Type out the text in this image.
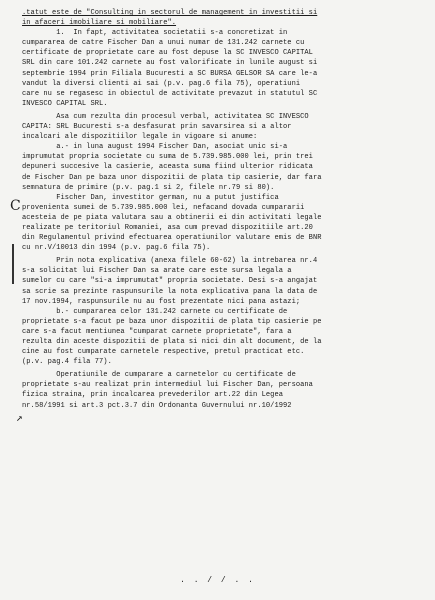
C
↗
.tatut este de "Consulting in sectorul de management in investitii si
in afaceri imobiliare si mobiliare".
1.  In fapt, activitatea societatii s-a concretizat in
cumpararea de catre Fischer Dan a unui numar de 131.242 carnete cu
certificate de proprietate care au fost depuse la SC INVESCO CAPITAL
SRL din care 101.242 carnete au fost valorificate in lunile august si
septembrie 1994 prin Filiala Bucuresti a SC BURSA GELSOR SA care le-a
vandut la diversi clienti ai sai (p.v. pag.6 fila 75), operatiuni
care nu se regasesc in obiectul de activitate prevazut in statutul SC
INVESCO CAPITAL SRL.
Asa cum rezulta din procesul verbal, activitatea SC INVESCO
CAPITA: SRL Bucuresti s-a desfasurat prin savarsirea si a altor
incalcari ale dispozitiilor legale in vigoare si anume:
a.- in luna august 1994 Fischer Dan, asociat unic si-a
imprumutat propria societate cu suma de 5.739.985.000 lei, prin trei
depuneri succesive la casierie, aceasta suma fiind ulterior ridicata
de Fischer Dan pe baza unor dispozitii de plata tip casierie, dar fara
semnatura de primire (p.v. pag.1 si 2, filele nr.79 si 80).
Fischer Dan, investitor german, nu a putut justifica
provenienta sumei de 5.739.985.000 lei, nefacand dovada cumpararii
acesteia de pe piata valutara sau a obtinerii ei din activitati legale
realizate pe teritoriul Romaniei, asa cum prevad dispozitiile art.20
din Regulamentul privind efectuarea operatiunilor valutare emis de BNR
cu nr.V/10013 din 1994 (p.v. pag.6 fila 75).
Prin nota explicativa (anexa filele 60-62) la intrebarea nr.4
s-a solicitat lui Fischer Dan sa arate care este sursa legala a
sumelor cu care "si-a imprumutat" propria societate. Desi s-a angajat
sa scrie sa prezinte raspunsurile la nota explicativa pana la data de
17 nov.1994, raspunsurile nu au fost prezentate nici pana astazi;
b.- cumpararea celor 131.242 carnete cu certificate de
proprietate s-a facut pe baza unor dispozitii de plata tip casierie pe
care s-a facut mentiunea "cumparat carnete proprietate", fara a
rezulta din aceste dispozitii de plata si nici din alt document, de la
cine au fost cumparate carnetele respective, pretul practicat etc.
(p.v. pag.4 fila 77).
Operatiunile de cumparare a carnetelor cu certificate de
proprietate s-au realizat prin intermediul lui Fischer Dan, persoana
fizica straina, prin incalcarea prevederilor art.22 din Legea
nr.58/1991 si art.3 pct.3.7 din Ordonanta Guvernului nr.10/1992
. . / / . .
